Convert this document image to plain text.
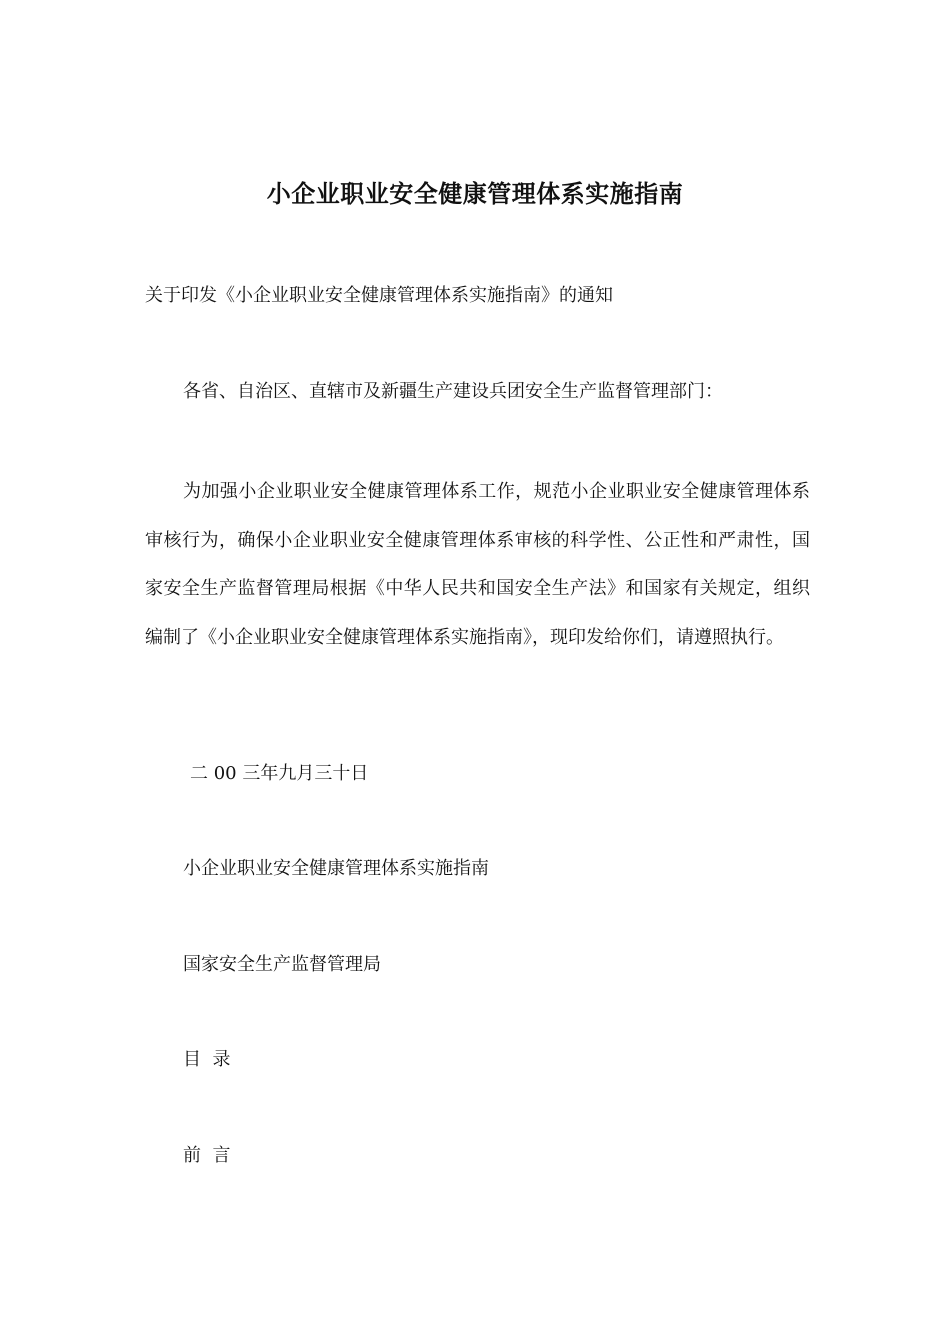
小企业职业安全健康管理体系实施指南
关于印发《小企业职业安全健康管理体系实施指南》的通知
各省、自治区、直辖市及新疆生产建设兵团安全生产监督管理部门：
为加强小企业职业安全健康管理体系工作，规范小企业职业安全健康管理体系审核行为，确保小企业职业安全健康管理体系审核的科学性、公正性和严肃性，国家安全生产监督管理局根据《中华人民共和国安全生产法》和国家有关规定，组织编制了《小企业职业安全健康管理体系实施指南》，现印发给你们，请遵照执行。
二 00 三年九月三十日
小企业职业安全健康管理体系实施指南
国家安全生产监督管理局
目  录
前  言
